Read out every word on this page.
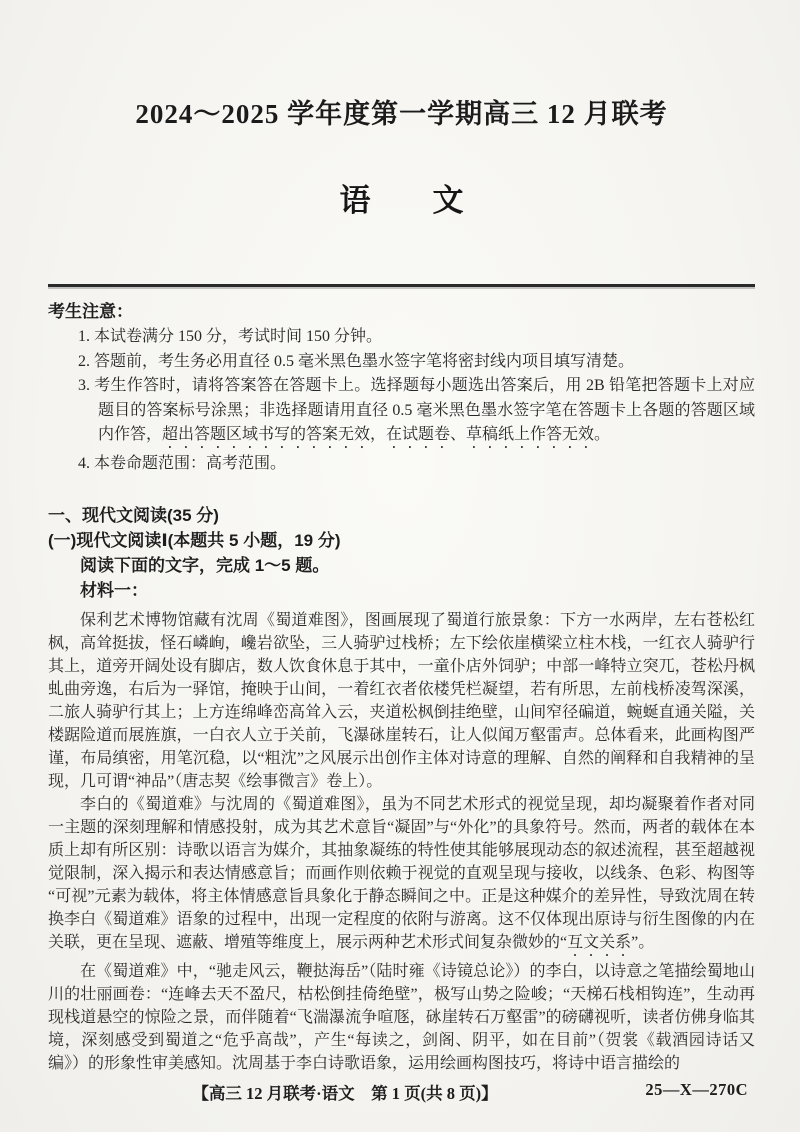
2024～2025 学年度第一学期高三 12 月联考
语　　文
考生注意：
1. 本试卷满分 150 分，考试时间 150 分钟。
2. 答题前，考生务必用直径 0.5 毫米黑色墨水签字笔将密封线内项目填写清楚。
3. 考生作答时，请将答案答在答题卡上。选择题每小题选出答案后，用 2B 铅笔把答题卡上对应题目的答案标号涂黑；非选择题请用直径 0.5 毫米黑色墨水签字笔在答题卡上各题的答题区域内作答，超出答题区域书写的答案无效，在试题卷、草稿纸上作答无效。
4. 本卷命题范围：高考范围。
一、现代文阅读(35 分)
(一)现代文阅读Ⅰ(本题共 5 小题，19 分)
阅读下面的文字，完成 1～5 题。
材料一：

保利艺术博物馆藏有沈周《蜀道难图》，图画展现了蜀道行旅景象：下方一水两岸，左右苍松红枫，高耸挺拔，怪石嶙峋，巉岩欲坠，三人骑驴过栈桥；左下绘依崖横梁立柱木栈，一红衣人骑驴行其上，道旁开阔处设有脚店，数人饮食休息于其中，一童仆店外饲驴；中部一峰特立突兀，苍松丹枫虬曲旁逸，右后为一驿馆，掩映于山间，一着红衣者依楼凭栏凝望，若有所思，左前栈桥凌驾深溪，二旅人骑驴行其上；上方连绵峰峦高耸入云，夹道松枫倒挂绝壁，山间窄径碥道，蜿蜒直通关隘，关楼踞险道而展旌旗，一白衣人立于关前，飞瀑砯崖转石，让人似闻万壑雷声。总体看来，此画构图严谨，布局缜密，用笔沉稳，以“粗沈”之风展示出创作主体对诗意的理解、自然的阐释和自我精神的呈现，几可谓“神品”（唐志契《绘事微言》卷上）。

李白的《蜀道难》与沈周的《蜀道难图》，虽为不同艺术形式的视觉呈现，却均凝聚着作者对同一主题的深刻理解和情感投射，成为其艺术意旨“凝固”与“外化”的具象符号。然而，两者的载体在本质上却有所区别：诗歌以语言为媒介，其抽象凝练的特性使其能够展现动态的叙述流程，甚至超越视觉限制，深入揭示和表达情感意旨；而画作则依赖于视觉的直观呈现与接收，以线条、色彩、构图等“可视”元素为载体，将主体情感意旨具象化于静态瞬间之中。正是这种媒介的差异性，导致沈周在转换李白《蜀道难》语象的过程中，出现一定程度的依附与游离。这不仅体现出原诗与衍生图像的内在关联，更在呈现、遮蔽、增殖等维度上，展示两种艺术形式间复杂微妙的“互文关系”。

在《蜀道难》中，“驰走风云，鞭挞海岳”（陆时雍《诗镜总论》）的李白，以诗意之笔描绘蜀地山川的壮丽画卷：“连峰去天不盈尺，枯松倒挂倚绝壁”，极写山势之险峻；“天梯石栈相钩连”，生动再现栈道悬空的惊险之景，而伴随着“飞湍瀑流争喧豗，砯崖转石万壑雷”的磅礴视听，读者仿佛身临其境，深刻感受到蜀道之“危乎高哉”，产生“每读之，剑阁、阴平，如在目前”（贺裳《载酒园诗话又编》）的形象性审美感知。沈周基于李白诗歌语象，运用绘画构图技巧，将诗中语言描绘的

【高三 12 月联考·语文　第 1 页(共 8 页)】	25—X—270C
